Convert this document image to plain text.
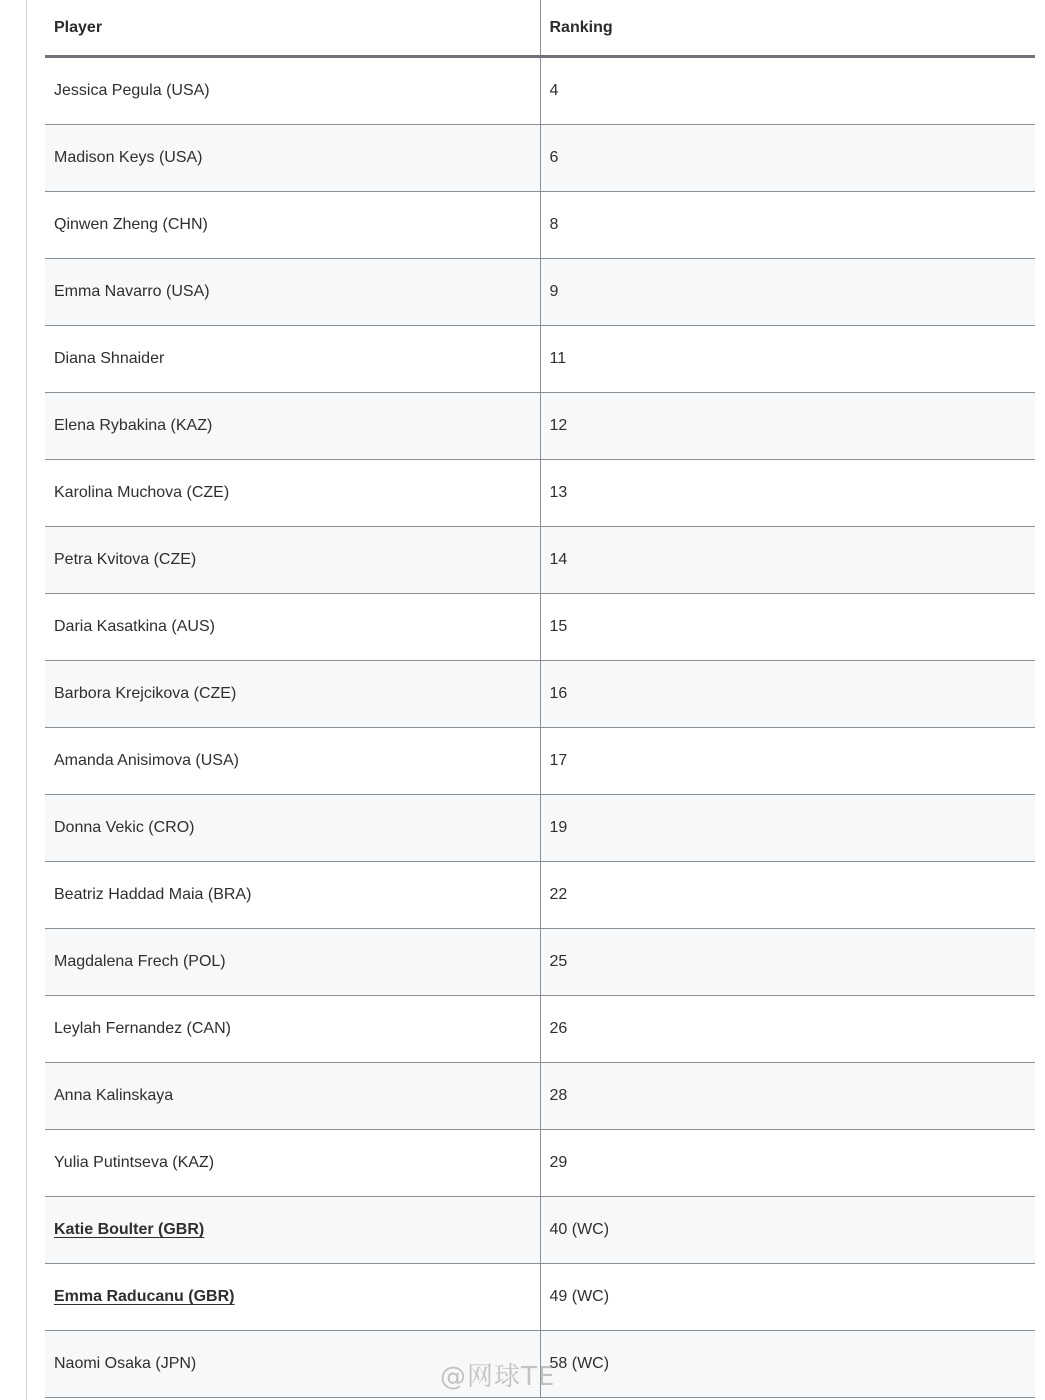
Player	Ranking
Jessica Pegula (USA)	4
Madison Keys (USA)	6
Qinwen Zheng (CHN)	8
Emma Navarro (USA)	9
Diana Shnaider	11
Elena Rybakina (KAZ)	12
Karolina Muchova (CZE)	13
Petra Kvitova (CZE)	14
Daria Kasatkina (AUS)	15
Barbora Krejcikova (CZE)	16
Amanda Anisimova (USA)	17
Donna Vekic (CRO)	19
Beatriz Haddad Maia (BRA)	22
Magdalena Frech (POL)	25
Leylah Fernandez (CAN)	26
Anna Kalinskaya	28
Yulia Putintseva (KAZ)	29
Katie Boulter (GBR)	40 (WC)
Emma Raducanu (GBR)	49 (WC)
Naomi Osaka (JPN)	58 (WC)
@网球TE
